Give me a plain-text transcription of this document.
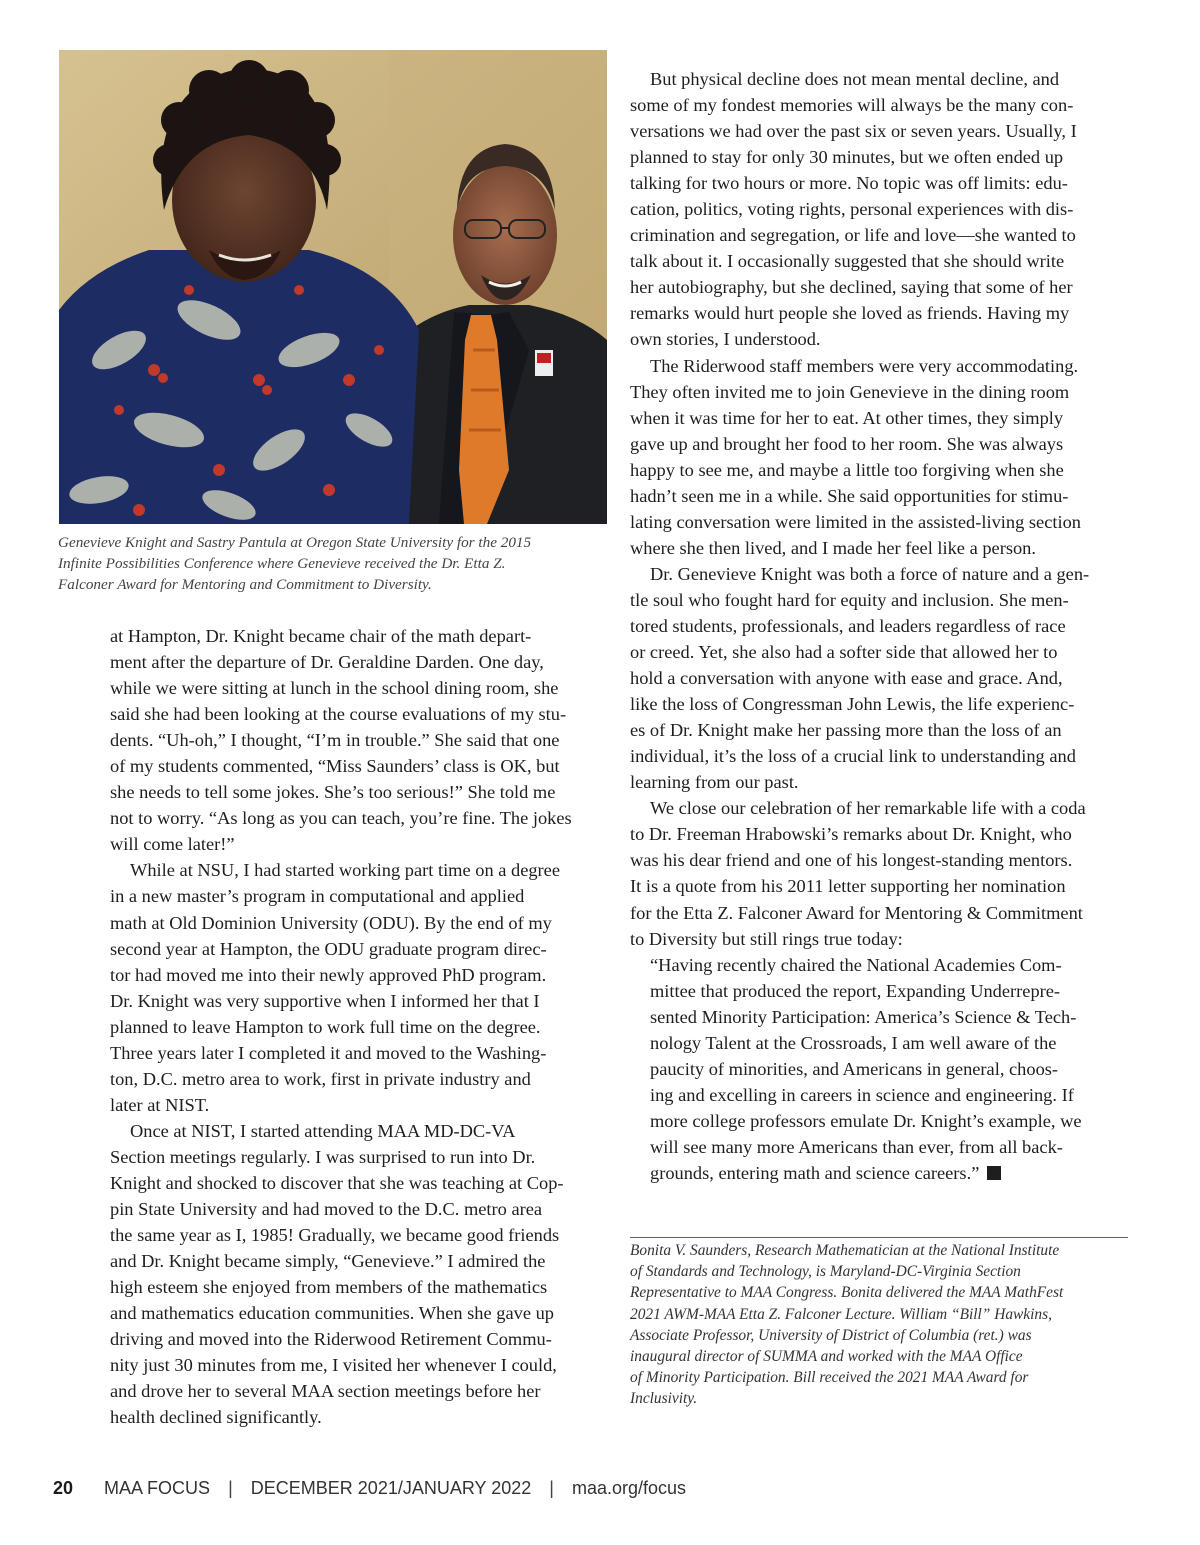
Genevieve Knight and Sastry Pantula at Oregon State University for the 2015
Infinite Possibilities Conference where Genevieve received the Dr. Etta Z.
Falconer Award for Mentoring and Commitment to Diversity.
at Hampton, Dr. Knight became chair of the math depart-
ment after the departure of Dr. Geraldine Darden. One day,
while we were sitting at lunch in the school dining room, she
said she had been looking at the course evaluations of my stu-
dents. “Uh-oh,” I thought, “I’m in trouble.” She said that one
of my students commented, “Miss Saunders’ class is OK, but
she needs to tell some jokes. She’s too serious!” She told me
not to worry. “As long as you can teach, you’re fine. The jokes
will come later!”
While at NSU, I had started working part time on a degree
in a new master’s program in computational and applied
math at Old Dominion University (ODU). By the end of my
second year at Hampton, the ODU graduate program direc-
tor had moved me into their newly approved PhD program.
Dr. Knight was very supportive when I informed her that I
planned to leave Hampton to work full time on the degree.
Three years later I completed it and moved to the Washing-
ton, D.C. metro area to work, first in private industry and
later at NIST.
Once at NIST, I started attending MAA MD-DC-VA
Section meetings regularly. I was surprised to run into Dr.
Knight and shocked to discover that she was teaching at Cop-
pin State University and had moved to the D.C. metro area
the same year as I, 1985! Gradually, we became good friends
and Dr. Knight became simply, “Genevieve.” I admired the
high esteem she enjoyed from members of the mathematics
and mathematics education communities. When she gave up
driving and moved into the Riderwood Retirement Commu-
nity just 30 minutes from me, I visited her whenever I could,
and drove her to several MAA section meetings before her
health declined significantly.
But physical decline does not mean mental decline, and
some of my fondest memories will always be the many con-
versations we had over the past six or seven years. Usually, I
planned to stay for only 30 minutes, but we often ended up
talking for two hours or more. No topic was off limits: edu-
cation, politics, voting rights, personal experiences with dis-
crimination and segregation, or life and love—she wanted to
talk about it. I occasionally suggested that she should write
her autobiography, but she declined, saying that some of her
remarks would hurt people she loved as friends. Having my
own stories, I understood.
The Riderwood staff members were very accommodating.
They often invited me to join Genevieve in the dining room
when it was time for her to eat. At other times, they simply
gave up and brought her food to her room. She was always
happy to see me, and maybe a little too forgiving when she
hadn’t seen me in a while. She said opportunities for stimu-
lating conversation were limited in the assisted-living section
where she then lived, and I made her feel like a person.
Dr. Genevieve Knight was both a force of nature and a gen-
tle soul who fought hard for equity and inclusion. She men-
tored students, professionals, and leaders regardless of race
or creed. Yet, she also had a softer side that allowed her to
hold a conversation with anyone with ease and grace. And,
like the loss of Congressman John Lewis, the life experienc-
es of Dr. Knight make her passing more than the loss of an
individual, it’s the loss of a crucial link to understanding and
learning from our past.
We close our celebration of her remarkable life with a coda
to Dr. Freeman Hrabowski’s remarks about Dr. Knight, who
was his dear friend and one of his longest-standing mentors.
It is a quote from his 2011 letter supporting her nomination
for the Etta Z. Falconer Award for Mentoring & Commitment
to Diversity but still rings true today:
“Having recently chaired the National Academies Com-
mittee that produced the report, Expanding Underrepre-
sented Minority Participation: America’s Science & Tech-
nology Talent at the Crossroads, I am well aware of the
paucity of minorities, and Americans in general, choos-
ing and excelling in careers in science and engineering. If
more college professors emulate Dr. Knight’s example, we
will see many more Americans than ever, from all back-
grounds, entering math and science careers.”
Bonita V. Saunders, Research Mathematician at the National Institute
of Standards and Technology, is Maryland-DC-Virginia Section
Representative to MAA Congress. Bonita delivered the MAA MathFest
2021 AWM-MAA Etta Z. Falconer Lecture. William “Bill” Hawkins,
Associate Professor, University of District of Columbia (ret.) was
inaugural director of SUMMA and worked with the MAA Office
of Minority Participation. Bill received the 2021 MAA Award for
Inclusivity.
20 MAA FOCUS | DECEMBER 2021/JANUARY 2022 | maa.org/focus
